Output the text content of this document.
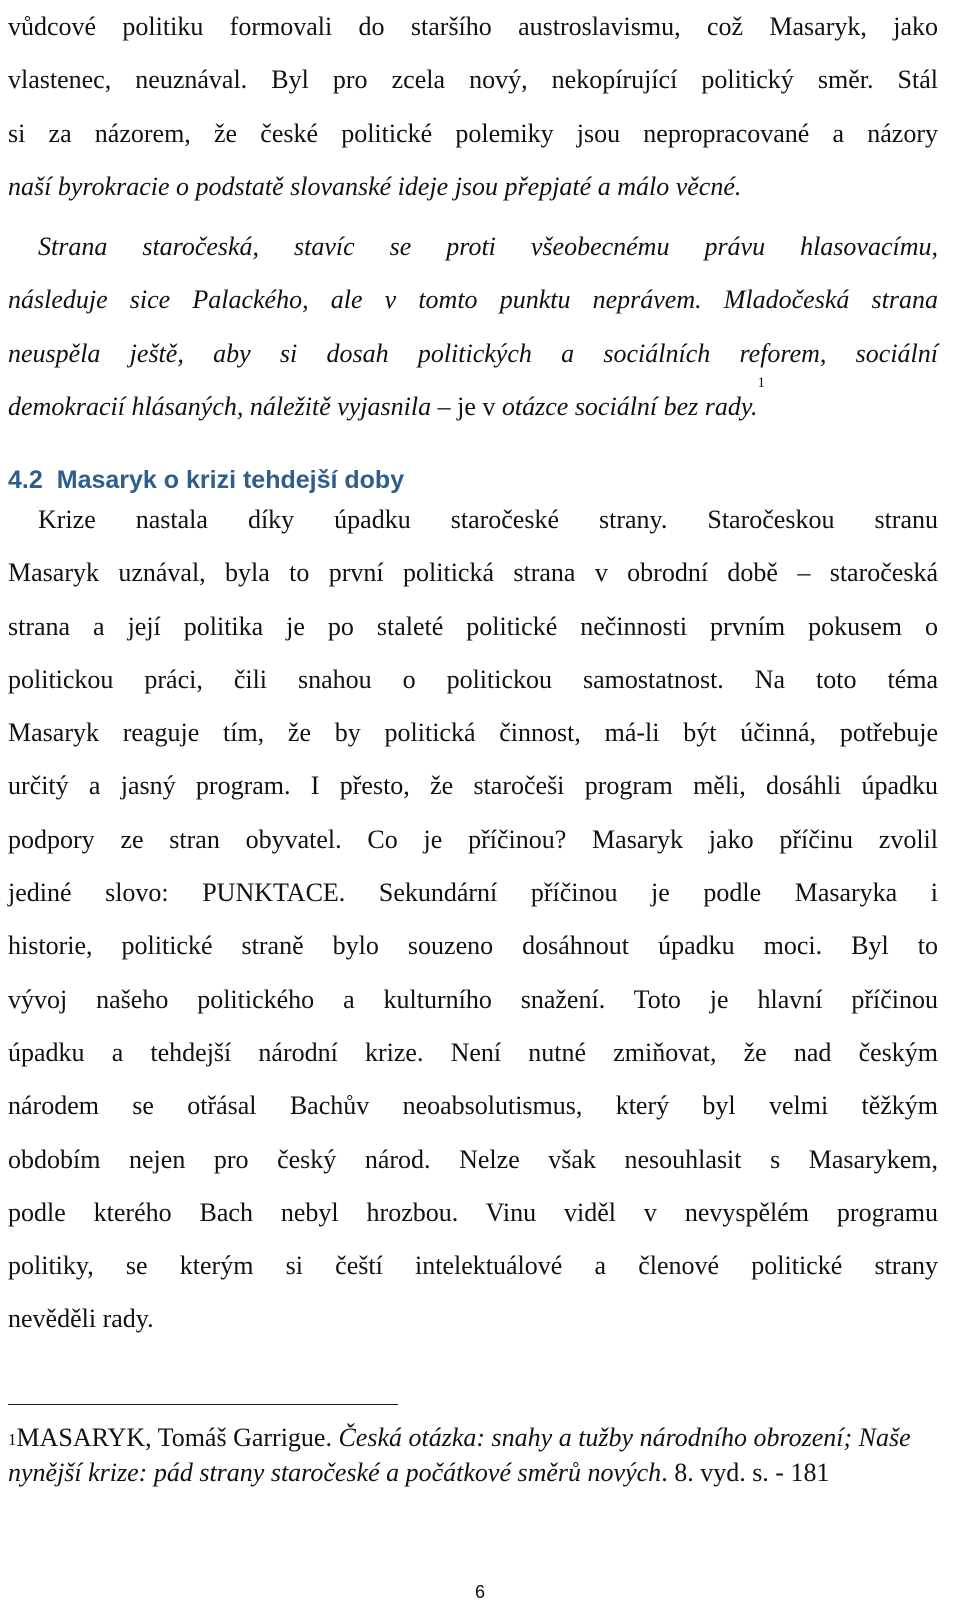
vůdcové politiku formovali do staršího austroslavismu, což Masaryk, jako
vlastenec, neuznával. Byl pro zcela nový, nekopírující politický směr. Stál
si za názorem, že české politické polemiky jsou nepropracované a názory
naší byrokracie o podstatě slovanské ideje jsou přepjaté a málo věcné.
Strana staročeská, stavíc se proti všeobecnému právu hlasovacímu,
následuje sice Palackého, ale v tomto punktu neprávem. Mladočeská strana
neuspěla ještě, aby si dosah politických a sociálních reforem, sociální
demokracií hlásaných, náležitě vyjasnila – je v otázce sociální bez rady.$^1$
4.2 Masaryk o krizi tehdejší doby
Krize nastala díky úpadku staročeské strany. Staročeskou stranu
Masaryk uznával, byla to první politická strana v obrodní době – staročeská
strana a její politika je po staleté politické nečinnosti prvním pokusem o
politickou práci, čili snahou o politickou samostatnost. Na toto téma
Masaryk reaguje tím, že by politická činnost, má-li být účinná, potřebuje
určitý a jasný program. I přesto, že staročeši program měli, dosáhli úpadku
podpory ze stran obyvatel. Co je příčinou? Masaryk jako příčinu zvolil
jediné slovo: PUNKTACE. Sekundární příčinou je podle Masaryka i
historie, politické straně bylo souzeno dosáhnout úpadku moci. Byl to
vývoj našeho politického a kulturního snažení. Toto je hlavní příčinou
úpadku a tehdejší národní krize. Není nutné zmiňovat, že nad českým
národem se otřásal Bachův neoabsolutismus, který byl velmi těžkým
obdobím nejen pro český národ. Nelze však nesouhlasit s Masarykem,
podle kterého Bach nebyl hrozbou. Vinu viděl v nevyspělém programu
politiky, se kterým si čeští intelektuálové a členové politické strany
nevěděli rady.

$^1$MASARYK, Tomáš Garrigue. Česká otázka: snahy a tužby národního obrození; Naše nynější krize: pád strany staročeské a počátkové směrů nových. 8. vyd. s. - 181

6
